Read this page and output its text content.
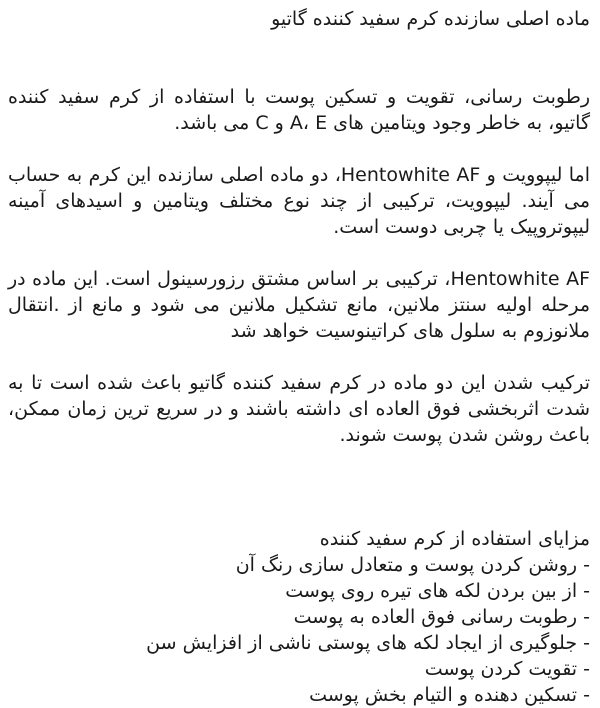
ماده اصلی سازنده کرم سفید کننده گاتیو

رطوبت رسانی، تقویت و تسکین پوست با استفاده از کرم سفید کننده گاتیو، به خاطر وجود ویتامین های A، E و C می باشد.

اما لیپوویت و Hentowhite AF، دو ماده اصلی سازنده این کرم به حساب می آیند. لیپوویت، ترکیبی از چند نوع مختلف ویتامین و اسیدهای آمینه لیپوتروپیک یا چربی دوست است.

Hentowhite AF، ترکیبی بر اساس مشتق رزورسینول است. این ماده در مرحله اولیه سنتز ملانین، مانع تشکیل ملانین می شود و مانع از .انتقال ملانوزوم به سلول های کراتینوسیت خواهد شد

ترکیب شدن این دو ماده در کرم سفید کننده گاتیو باعث شده است تا به شدت اثربخشی فوق العاده ای داشته باشند و در سریع ترین زمان ممکن، باعث روشن شدن پوست شوند.

مزایای استفاده از کرم سفید کننده
- روشن کردن پوست و متعادل سازی رنگ آن
- از بین بردن لکه های تیره روی پوست
- رطوبت رسانی فوق العاده به پوست
- جلوگیری از ایجاد لکه های پوستی ناشی از افزایش سن
- تقویت کردن پوست
- تسکین دهنده و التیام بخش پوست
